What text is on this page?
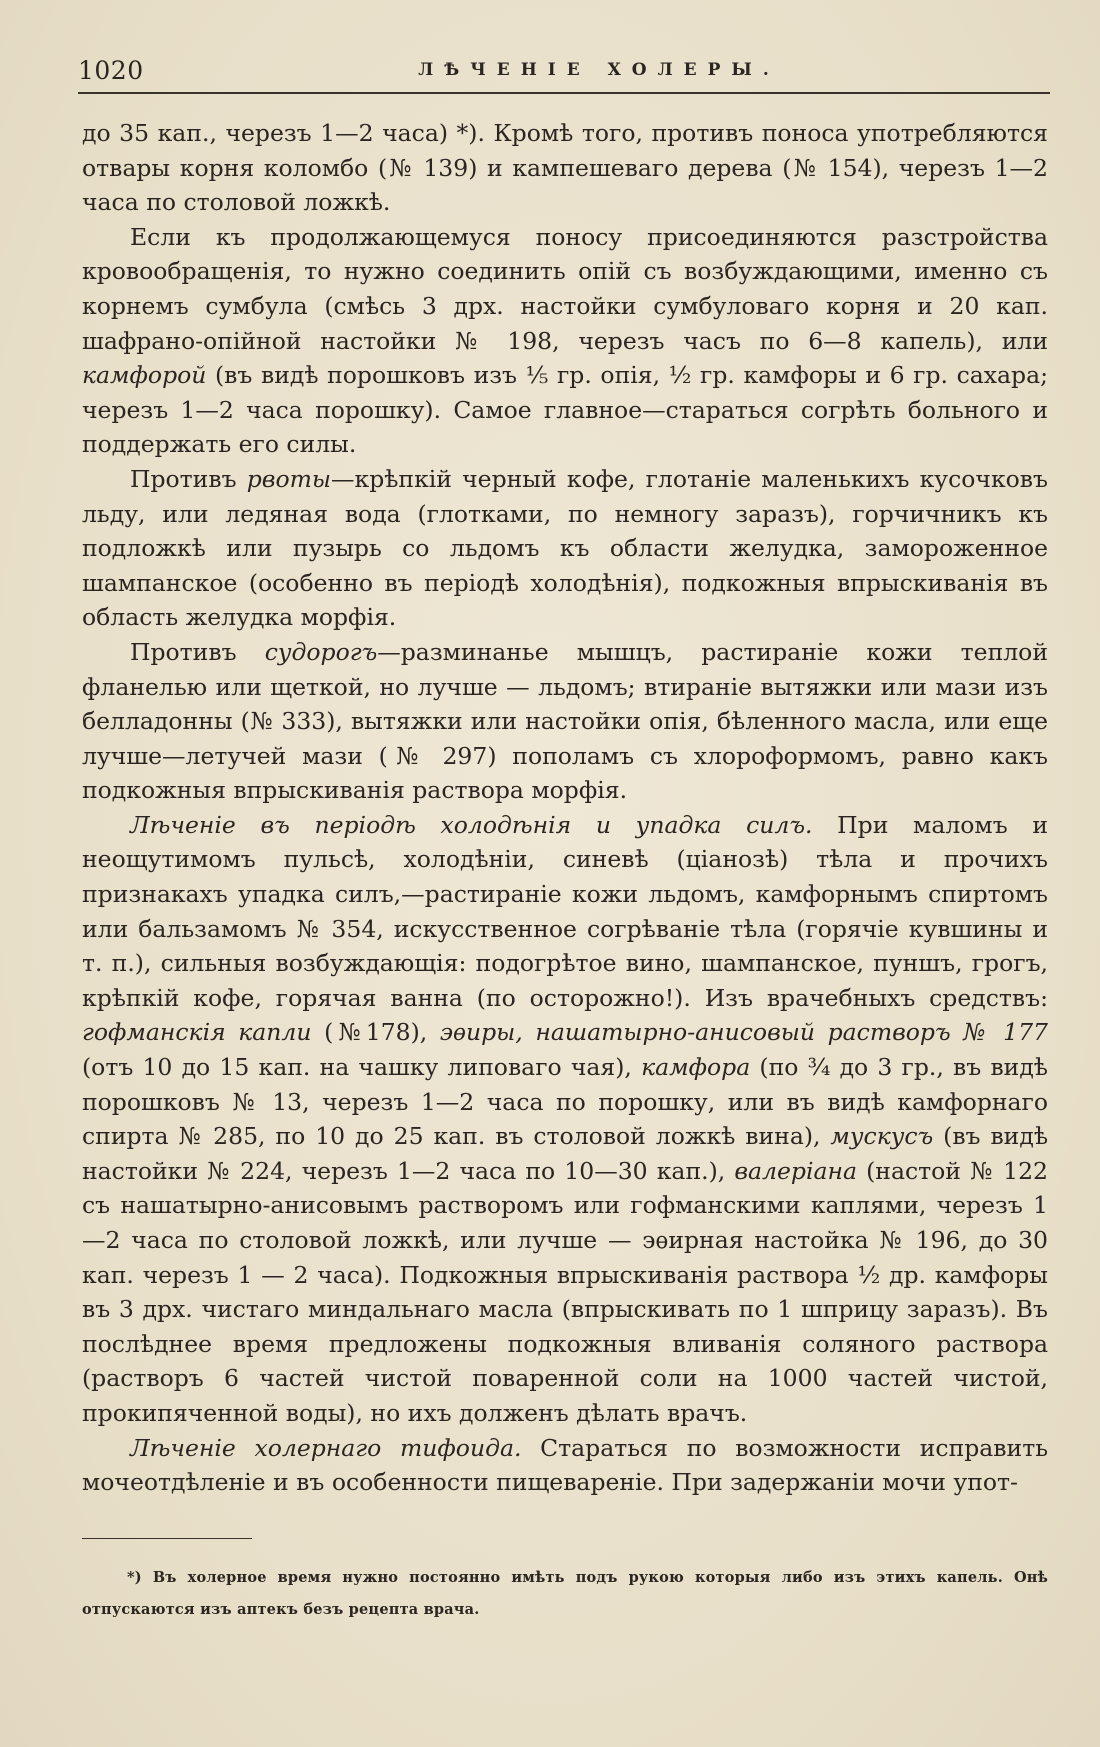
1020	ЛѢЧЕНІЕ ХОЛЕРЫ.

до 35 кап., черезъ 1—2 часа) *). Кромѣ того, противъ поноса употребляются отвары корня коломбо (№ 139) и кампешеваго дерева (№ 154), черезъ 1—2 часа по столовой ложкѣ.

Если къ продолжающемуся поносу присоединяются разстройства кровообращенія, то нужно соединить опій съ возбуждающими, именно съ корнемъ сумбула (смѣсь 3 дрх. настойки сумбуловаго корня и 20 кап. шафрано-опійной настойки № 198, черезъ часъ по 6—8 капель), или камфорой (въ видѣ порошковъ изъ ⅕ гр. опія, ½ гр. камфоры и 6 гр. сахара; черезъ 1—2 часа порошку). Самое главное—стараться согрѣть больного и поддержать его силы.

Противъ рвоты—крѣпкій черный кофе, глотаніе маленькихъ кусочковъ льду, или ледяная вода (глотками, по немногу заразъ), горчичникъ къ подложкѣ или пузырь со льдомъ къ области желудка, замороженное шампанское (особенно въ періодѣ холодѣнія), подкожныя впрыскиванія въ область желудка морфія.

Противъ судорогъ—разминанье мышцъ, растираніе кожи теплой фланелью или щеткой, но лучше — льдомъ; втираніе вытяжки или мази изъ белладонны (№ 333), вытяжки или настойки опія, бѣленного масла, или еще лучше—летучей мази (№ 297) пополамъ съ хлороформомъ, равно какъ подкожныя впрыскиванія раствора морфія.

Лѣченіе въ періодѣ холодѣнія и упадка силъ. При маломъ и неощутимомъ пульсѣ, холодѣніи, синевѣ (ціанозѣ) тѣла и прочихъ признакахъ упадка силъ,—растираніе кожи льдомъ, камфорнымъ спиртомъ или бальзамомъ № 354, искусственное согрѣваніе тѣла (горячіе кувшины и т. п.), сильныя возбуждающія: подогрѣтое вино, шампанское, пуншъ, грогъ, крѣпкій кофе, горячая ванна (по осторожно!). Изъ врачебныхъ средствъ: гофманскія капли (№178), эѳиры, нашатырно-анисовый растворъ № 177 (отъ 10 до 15 кап. на чашку липоваго чая), камфора (по ¾ до 3 гр., въ видѣ порошковъ № 13, черезъ 1—2 часа по порошку, или въ видѣ камфорнаго спирта № 285, по 10 до 25 кап. въ столовой ложкѣ вина), мускусъ (въ видѣ настойки № 224, черезъ 1—2 часа по 10—30 кап.), валеріана (настой № 122 съ нашатырно-анисовымъ растворомъ или гофманскими каплями, черезъ 1—2 часа по столовой ложкѣ, или лучше — эѳирная настойка № 196, до 30 кап. черезъ 1 — 2 часа). Подкожныя впрыскиванія раствора ½ др. камфоры въ 3 дрх. чистаго миндальнаго масла (впрыскивать по 1 шприцу заразъ). Въ послѣднее время предложены подкожныя вливанія соляного раствора (растворъ 6 частей чистой поваренной соли на 1000 частей чистой, прокипяченной воды), но ихъ долженъ дѣлать врачъ.

Лѣченіе холернаго тифоида. Стараться по возможности исправить мочеотдѣленіе и въ особенности пищевареніе. При задержаніи мочи упот-

*) Въ холерное время нужно постоянно имѣть подъ рукою которыя либо изъ этихъ капель. Онѣ отпускаются изъ аптекъ безъ рецепта врача.
